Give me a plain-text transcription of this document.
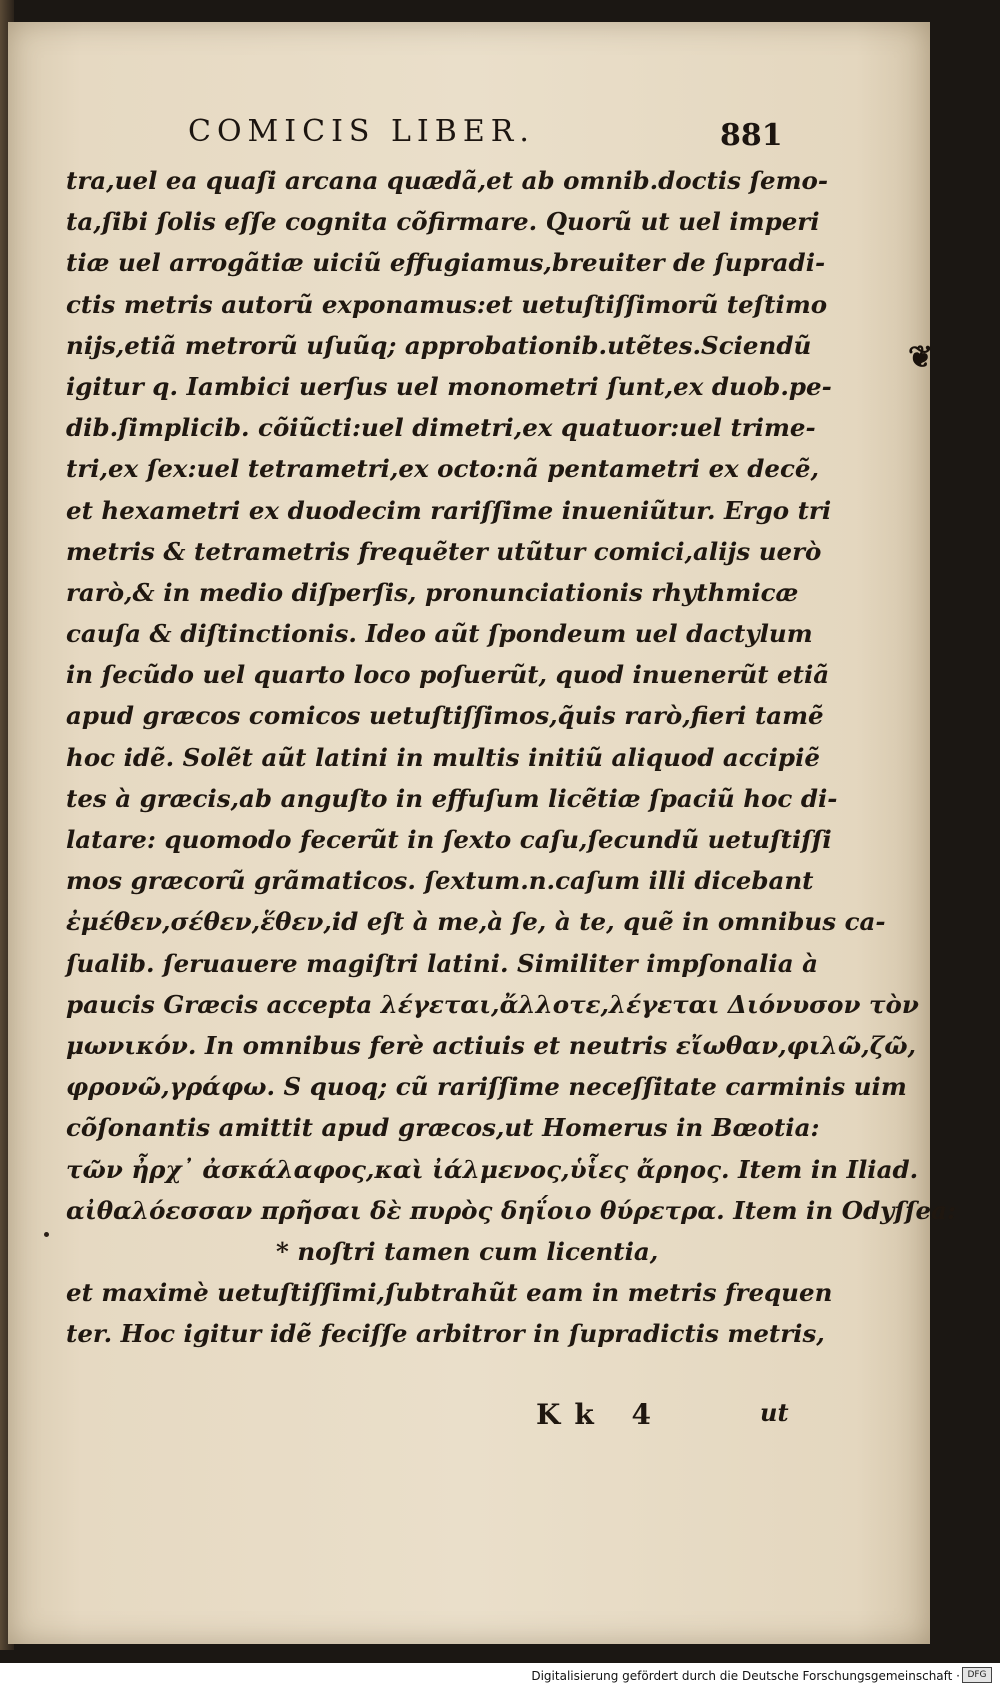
COMICIS LIBER.	881
tra,uel ea quaſi arcana quædã,et ab omnib.doctis ſemo-
ta,ſibi ſolis eſſe cognita cõfirmare. Quorũ ut uel imperi
tiæ uel arrogãtiæ uiciũ effugiamus,breuiter de ſupradi-
ctis metris autorũ exponamus:et uetuſtiſſimorũ teſtimo
nijs,etiã metrorũ uſuũq; approbationib.utẽtes.Sciendũ
igitur q. Iambici uerſus uel monometri ſunt,ex duob.pe-
dib.ſimplicib. cõiũcti:uel dimetri,ex quatuor:uel trime-
tri,ex ſex:uel tetrametri,ex octo:nã pentametri ex decẽ,
et hexametri ex duodecim rariſſime inueniũtur. Ergo tri
metris & tetrametris frequẽter utũtur comici,alijs uerò
rarò,& in medio diſperſis, pronunciationis rhythmicæ
cauſa & diſtinctionis. Ideo aũt ſpondeum uel dactylum
in ſecũdo uel quarto loco poſuerũt, quod inuenerũt etiã
apud græcos comicos uetuſtiſſimos,q̃uis rarò,fieri tamẽ
hoc idẽ. Solẽt aũt latini in multis initiũ aliquod accipiẽ
tes à græcis,ab anguſto in effuſum licẽtiæ ſpaciũ hoc di-
latare: quomodo fecerũt in ſexto caſu,ſecundũ uetuſtiſſi
mos græcorũ grãmaticos. ſextum.n.caſum illi dicebant
ἐμέθεν,σέθεν,ἕθεν,id eſt à me,à ſe, à te, quẽ in omnibus ca-
ſualib. ſeruauere magiſtri latini. Similiter impſonalia à
paucis Græcis accepta λέγεται,ἄλλοτε,λέγεται Διόνυσον τὸν
μωνικόν. In omnibus ferè actiuis et neutris εἴωθαν,φιλῶ,ζῶ,
φρονῶ,γράφω. S quoq; cũ rariſſime neceſſitate carminis uim
cõſonantis amittit apud græcos,ut Homerus in Bœotia:
τῶν ἦρχ᾽ ἀσκάλαφος,καὶ ἰάλμενος,ὑἷες ἄρηος. Item in Iliad.
αἰθαλόεσσαν πρῆσαι δὲ πυρὸς δηΐοιο θύρετρα. Item in Odyſſea:
* noſtri tamen cum licentia,
et maximè uetuſtiſſimi,ſubtrahũt eam in metris frequen
ter. Hoc igitur idẽ feciſſe arbitror in ſupradictis metris,
Kk 4	ut
❦
Digitalisierung gefördert durch die Deutsche Forschungsgemeinschaft · DFG
